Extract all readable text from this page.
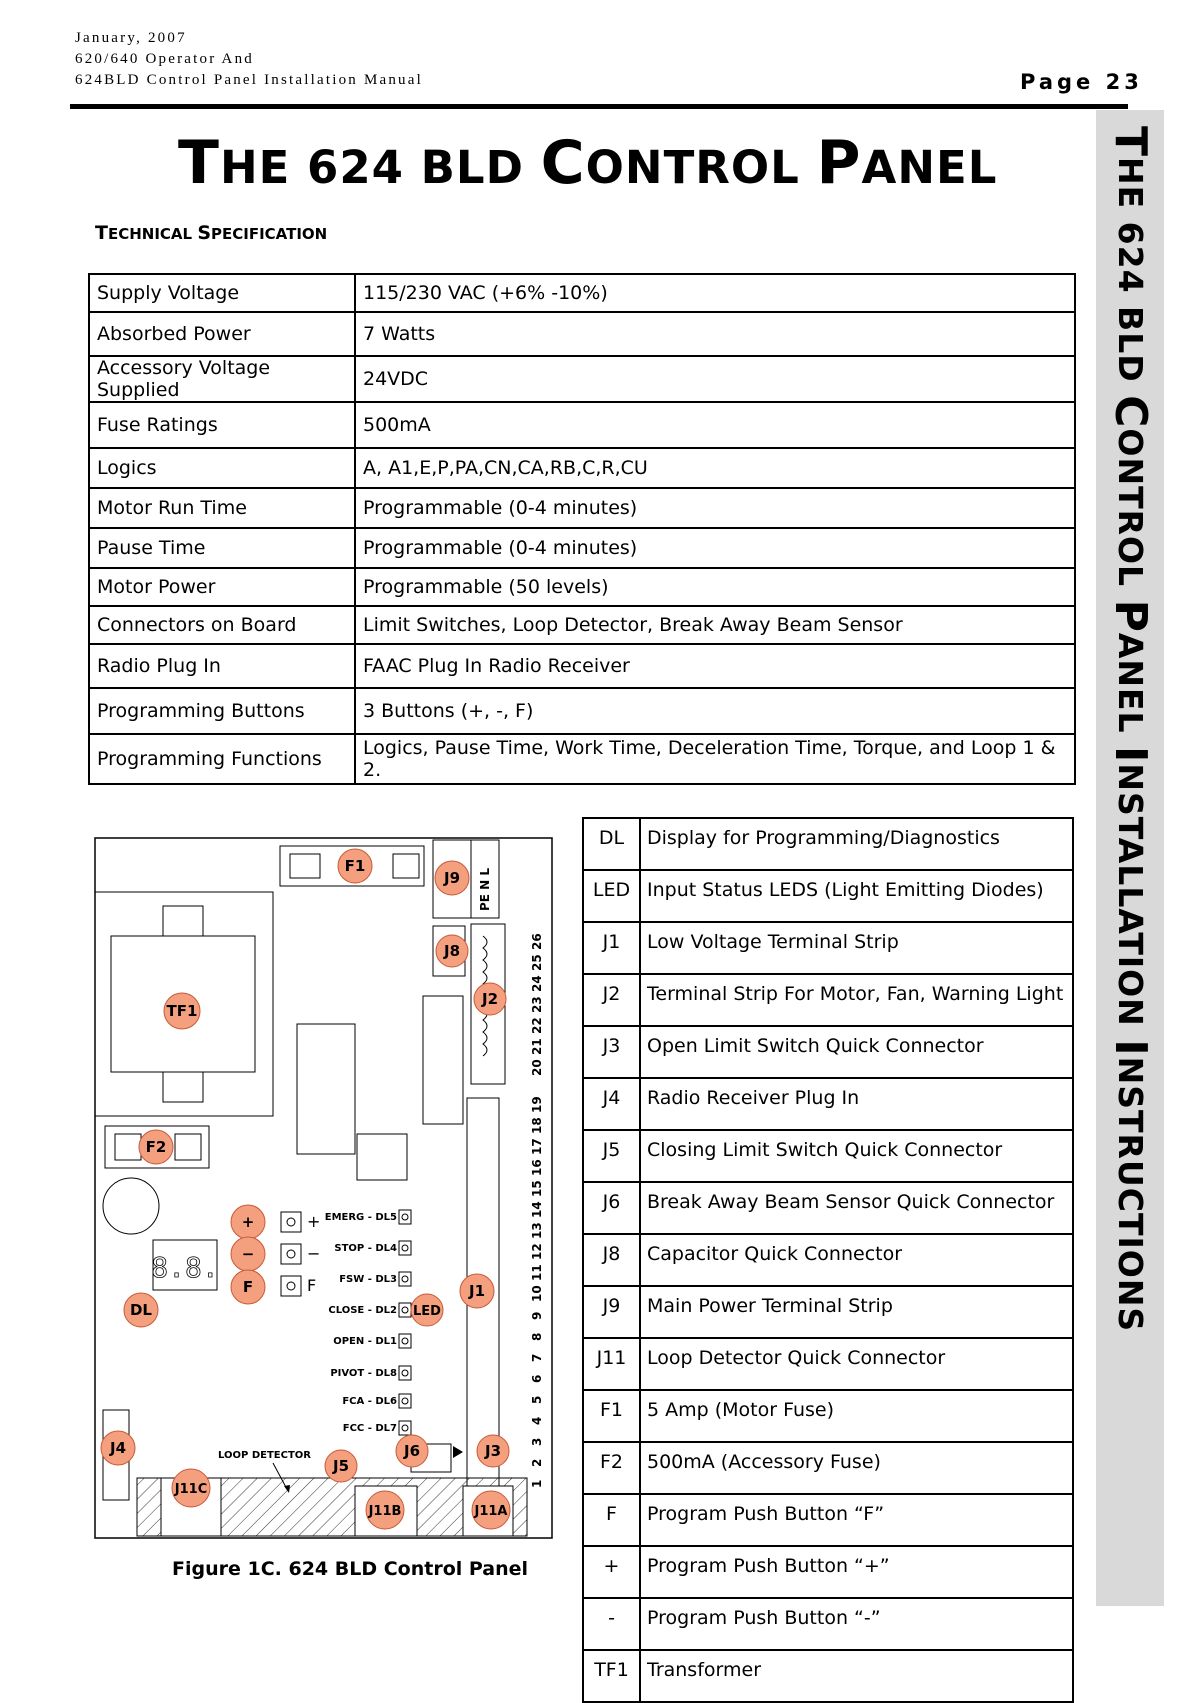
January, 2007
620/640 Operator And
624BLD Control Panel Installation Manual	Page 23
THE 624 BLD CONTROL PANEL
TECHNICAL SPECIFICATION
THE 624 BLD CONTROL PANEL INSTALLATION INSTRUCTIONS
Supply Voltage	115/230 VAC (+6% -10%)
Absorbed Power	7 Watts
Accessory Voltage Supplied	24VDC
Fuse Ratings	500mA
Logics	A, A1,E,P,PA,CN,CA,RB,C,R,CU
Motor Run Time	Programmable (0-4 minutes)
Pause Time	Programmable (0-4 minutes)
Motor Power	Programmable (50 levels)
Connectors on Board	Limit Switches, Loop Detector, Break Away Beam Sensor
Radio Plug In	FAAC Plug In Radio Receiver
Programming Buttons	3 Buttons (+, -, F)
Programming Functions	Logics, Pause Time, Work Time, Deceleration Time, Torque, and Loop 1 & 2.
DL	Display for Programming/Diagnostics
LED	Input Status LEDS (Light Emitting Diodes)
J1	Low Voltage Terminal Strip
J2	Terminal Strip For Motor, Fan, Warning Light
J3	Open Limit Switch Quick Connector
J4	Radio Receiver Plug In
J5	Closing Limit Switch Quick Connector
J6	Break Away Beam Sensor Quick Connector
J8	Capacitor Quick Connector
J9	Main Power Terminal Strip
J11	Loop Detector Quick Connector
F1	5 Amp (Motor Fuse)
F2	500mA (Accessory Fuse)
F	Program Push Button “F”
+	Program Push Button “+”
-	Program Push Button “-”
TF1	Transformer
F1
PE N L
J9
TF1
J8
J2
20
21
22
23
24
25
26
F2
+	+
−	−
F	F
8.8.
DL
EMERG - DL5
STOP - DL4
FSW - DL3
CLOSE - DL2
OPEN - DL1
PIVOT - DL8
FCA - DL6
FCC - DL7
LED
J1
1
2
3
4
5
6
7
8
9
10
11
12
13
14
15
16
17
18
19
J4	J6	J3
LOOP DETECTOR
J5
J11C
J11B	J11A
Figure 1C. 624 BLD Control Panel
